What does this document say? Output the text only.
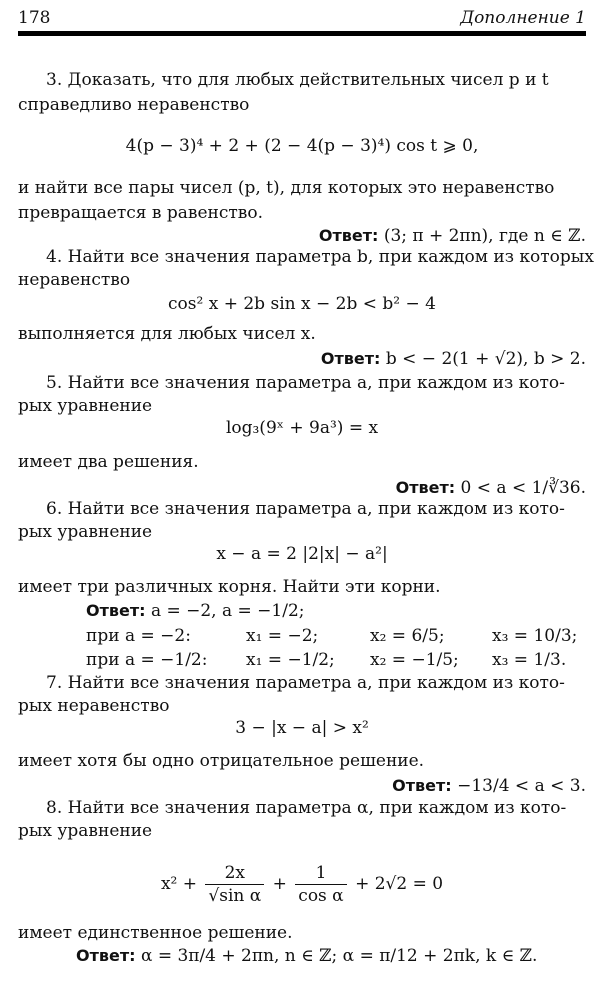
178	Дополнение 1
3. Доказать, что для любых действительных чисел p и t
справедливо неравенство
4(p − 3)⁴ + 2 + (2 − 4(p − 3)⁴) cos t ⩾ 0,
и найти все пары чисел (p, t), для которых это неравенство
превращается в равенство.
Ответ: (3; π + 2πn), где n ∈ ℤ.
4. Найти все значения параметра b, при каждом из которых
неравенство
cos² x + 2b sin x − 2b < b² − 4
выполняется для любых чисел x.
Ответ: b < − 2(1 + √2), b > 2.
5. Найти все значения параметра a, при каждом из кото-
рых уравнение
log₃(9ˣ + 9a³) = x
имеет два решения.
Ответ: 0 < a < 1/∛36.
6. Найти все значения параметра a, при каждом из кото-
рых уравнение
x − a = 2 |2|x| − a²|
имеет три различных корня. Найти эти корни.
Ответ: a = −2, a = −1/2;
при a = −2:	x₁ = −2;	x₂ = 6/5;	x₃ = 10/3;
при a = −1/2: x₁ = −1/2; x₂ = −1/5; x₃ = 1/3.
7. Найти все значения параметра a, при каждом из кото-
рых неравенство
3 − |x − a| > x²
имеет хотя бы одно отрицательное решение.
Ответ: −13/4 < a < 3.
8. Найти все значения параметра α, при каждом из кото-
рых уравнение
$x^2 + \frac{2x}{\text{√sin α}} + \frac{1}{\text{cos α}} + 2√2 = 0$
имеет единственное решение.
Ответ: α = 3π/4 + 2πn, n ∈ ℤ; α = π/12 + 2πk, k ∈ ℤ.
